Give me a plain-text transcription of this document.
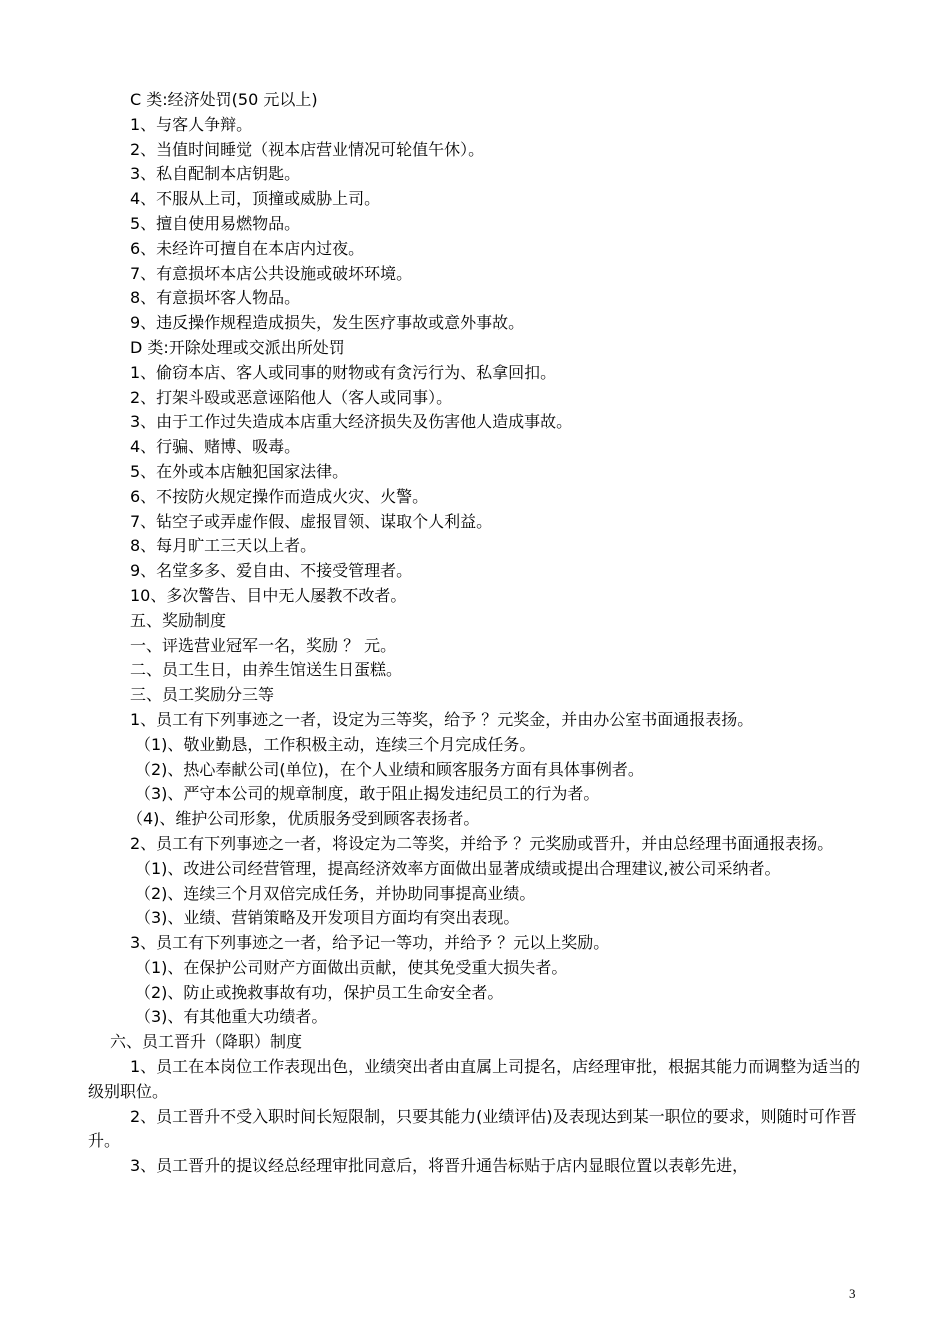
C 类:经济处罚(50 元以上)
1、与客人争辩。
2、当值时间睡觉（视本店营业情况可轮值午休）。
3、私自配制本店钥匙。
4、不服从上司，顶撞或威胁上司。
5、擅自使用易燃物品。
6、未经许可擅自在本店内过夜。
7、有意损坏本店公共设施或破坏环境。
8、有意损坏客人物品。
9、违反操作规程造成损失，发生医疗事故或意外事故。
D 类:开除处理或交派出所处罚
1、偷窃本店、客人或同事的财物或有贪污行为、私拿回扣。
2、打架斗殴或恶意诬陷他人（客人或同事）。
3、由于工作过失造成本店重大经济损失及伤害他人造成事故。
4、行骗、赌博、吸毒。
5、在外或本店触犯国家法律。
6、不按防火规定操作而造成火灾、火警。
7、钻空子或弄虚作假、虚报冒领、谋取个人利益。
8、每月旷工三天以上者。
9、名堂多多、爱自由、不接受管理者。
10、多次警告、目中无人屡教不改者。
五、奖励制度
一、评选营业冠军一名，奖励 ？ 元。
二、员工生日，由养生馆送生日蛋糕。
三、员工奖励分三等
1、员工有下列事迹之一者，设定为三等奖，给予 ？元奖金，并由办公室书面通报表扬。
（1)、敬业勤恳，工作积极主动，连续三个月完成任务。
（2)、热心奉献公司(单位)，在个人业绩和顾客服务方面有具体事例者。
（3)、严守本公司的规章制度，敢于阻止揭发违纪员工的行为者。
（4)、维护公司形象，优质服务受到顾客表扬者。
2、员工有下列事迹之一者，将设定为二等奖，并给予 ？元奖励或晋升，并由总经理书面通报表扬。
（1)、改进公司经营管理，提高经济效率方面做出显著成绩或提出合理建议,被公司采纳者。
（2)、连续三个月双倍完成任务，并协助同事提高业绩。
（3)、业绩、营销策略及开发项目方面均有突出表现。
3、员工有下列事迹之一者，给予记一等功，并给予 ？元以上奖励。
（1)、在保护公司财产方面做出贡献，使其免受重大损失者。
（2)、防止或挽救事故有功，保护员工生命安全者。
（3)、有其他重大功绩者。
六、员工晋升（降职）制度
1、员工在本岗位工作表现出色，业绩突出者由直属上司提名，店经理审批，根据其能力而调整为适当的级别职位。
2、员工晋升不受入职时间长短限制，只要其能力(业绩评估)及表现达到某一职位的要求，则随时可作晋升。
3、员工晋升的提议经总经理审批同意后，将晋升通告标贴于店内显眼位置以表彰先进，
3
